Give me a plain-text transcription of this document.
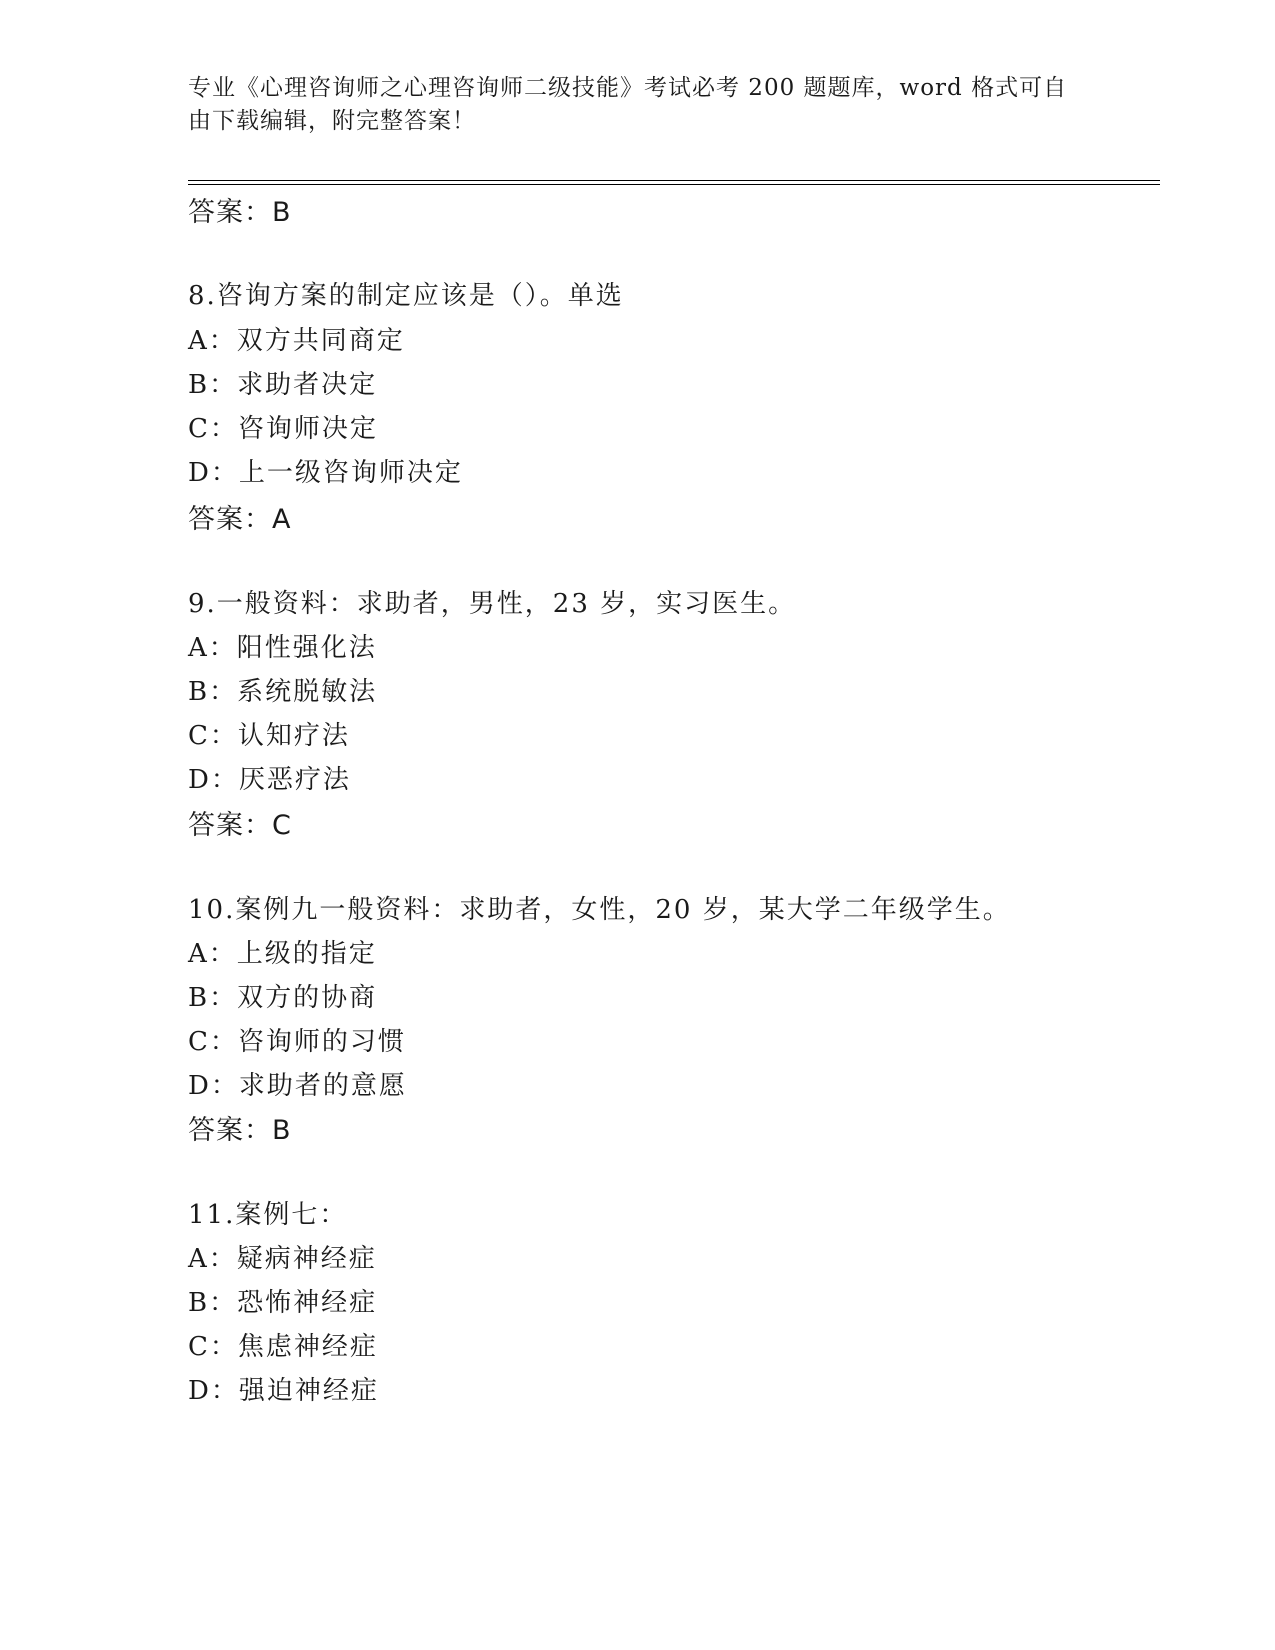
专业《心理咨询师之心理咨询师二级技能》考试必考 200 题题库，word 格式可自
由下载编辑，附完整答案！
答案：B
8.咨询方案的制定应该是（）。单选
A：双方共同商定
B：求助者决定
C：咨询师决定
D：上一级咨询师决定
答案：A
9.一般资料：求助者，男性，23 岁，实习医生。
A：阳性强化法
B：系统脱敏法
C：认知疗法
D：厌恶疗法
答案：C
10.案例九一般资料：求助者，女性，20 岁，某大学二年级学生。
A：上级的指定
B：双方的协商
C：咨询师的习惯
D：求助者的意愿
答案：B
11.案例七：
A：疑病神经症
B：恐怖神经症
C：焦虑神经症
D：强迫神经症
